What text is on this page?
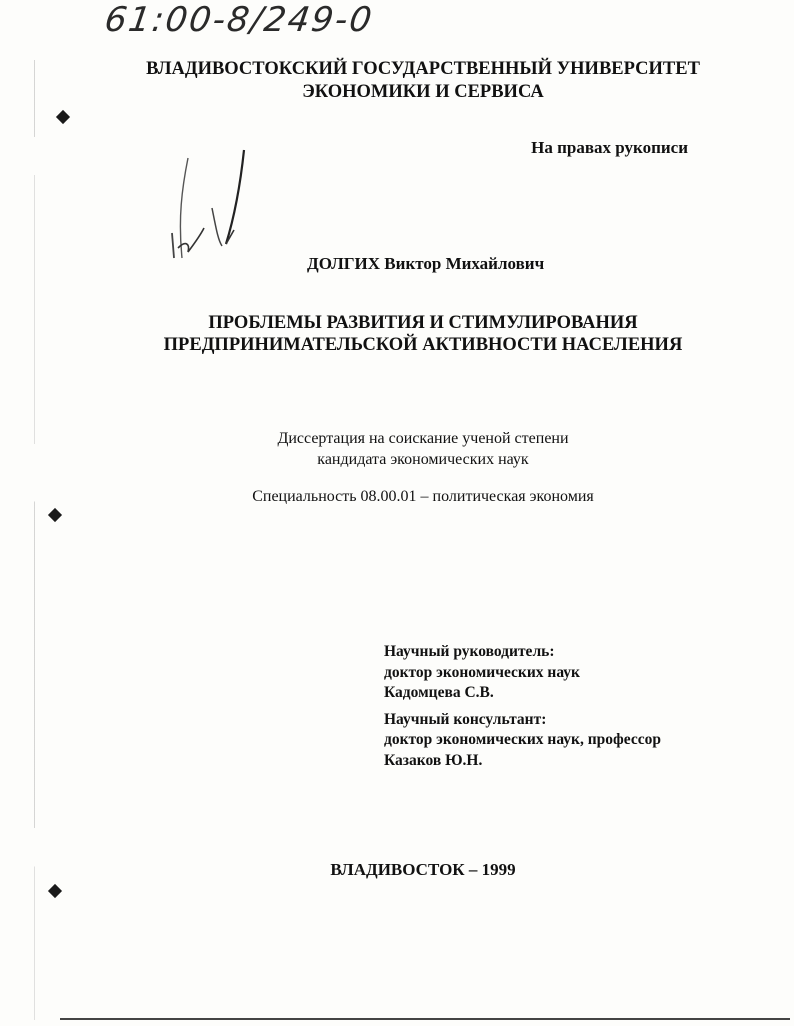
61:00-8/249-0
ВЛАДИВОСТОКСКИЙ ГОСУДАРСТВЕННЫЙ УНИВЕРСИТЕТ
ЭКОНОМИКИ И СЕРВИСА
На правах рукописи
ДОЛГИХ Виктор Михайлович
ПРОБЛЕМЫ РАЗВИТИЯ И СТИМУЛИРОВАНИЯ
ПРЕДПРИНИМАТЕЛЬСКОЙ АКТИВНОСТИ НАСЕЛЕНИЯ
Диссертация на соискание ученой степени
кандидата экономических наук
Специальность 08.00.01 – политическая экономия
Научный руководитель:
доктор экономических наук
Кадомцева С.В.
Научный консультант:
доктор экономических наук, профессор
Казаков Ю.Н.
ВЛАДИВОСТОК – 1999
